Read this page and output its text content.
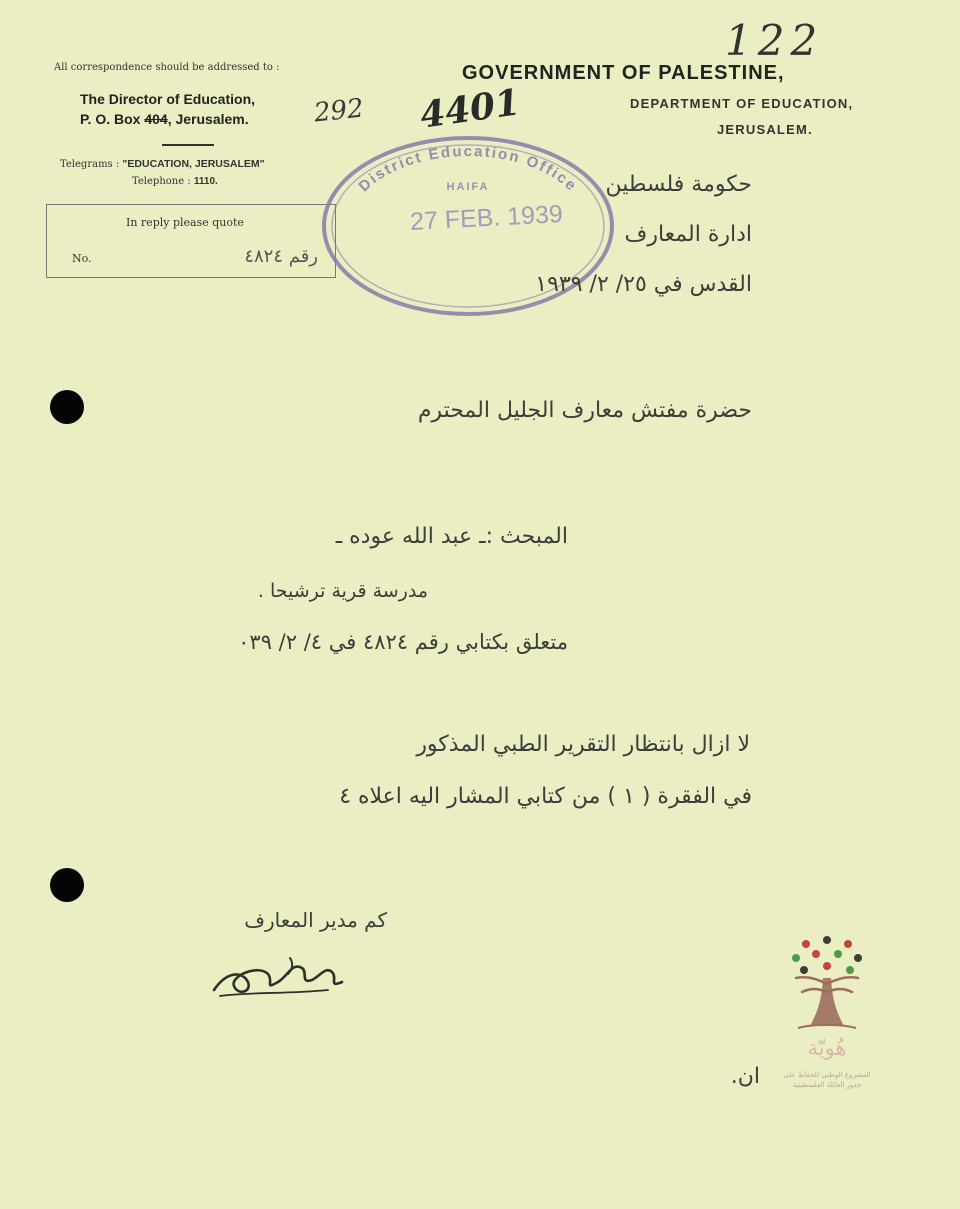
122
All correspondence should be addressed to :
The Director of Education,
P. O. Box 404, Jerusalem.
Telegrams : "EDUCATION, JERUSALEM"
Telephone : 1110.
In reply please quote
No.	رقم ٤٨٢٤
292
District Education Office
HAIFA
27 FEB. 1939
4401
GOVERNMENT OF PALESTINE,
DEPARTMENT OF EDUCATION,
JERUSALEM.
حكومة فلسطين
ادارة المعارف
القدس في ٢٥/ ٢/ ١٩٣٩
حضرة مفتش معارف الجليل المحترم
المبحث :ـ عبد الله عوده ـ
مدرسة قرية ترشيحا .
متعلق بكتابي رقم ٤٨٢٤ في ٤/ ٢/ ٠٣٩
لا ازال بانتظار التقرير الطبي المذكور
في الفقرة ( ١ ) من كتابي المشار اليه اعلاه ٤
كم مدير المعارف
ان.
هُويّة
المشروع الوطني للحفاظ على
جذور العائلة الفلسطينية
